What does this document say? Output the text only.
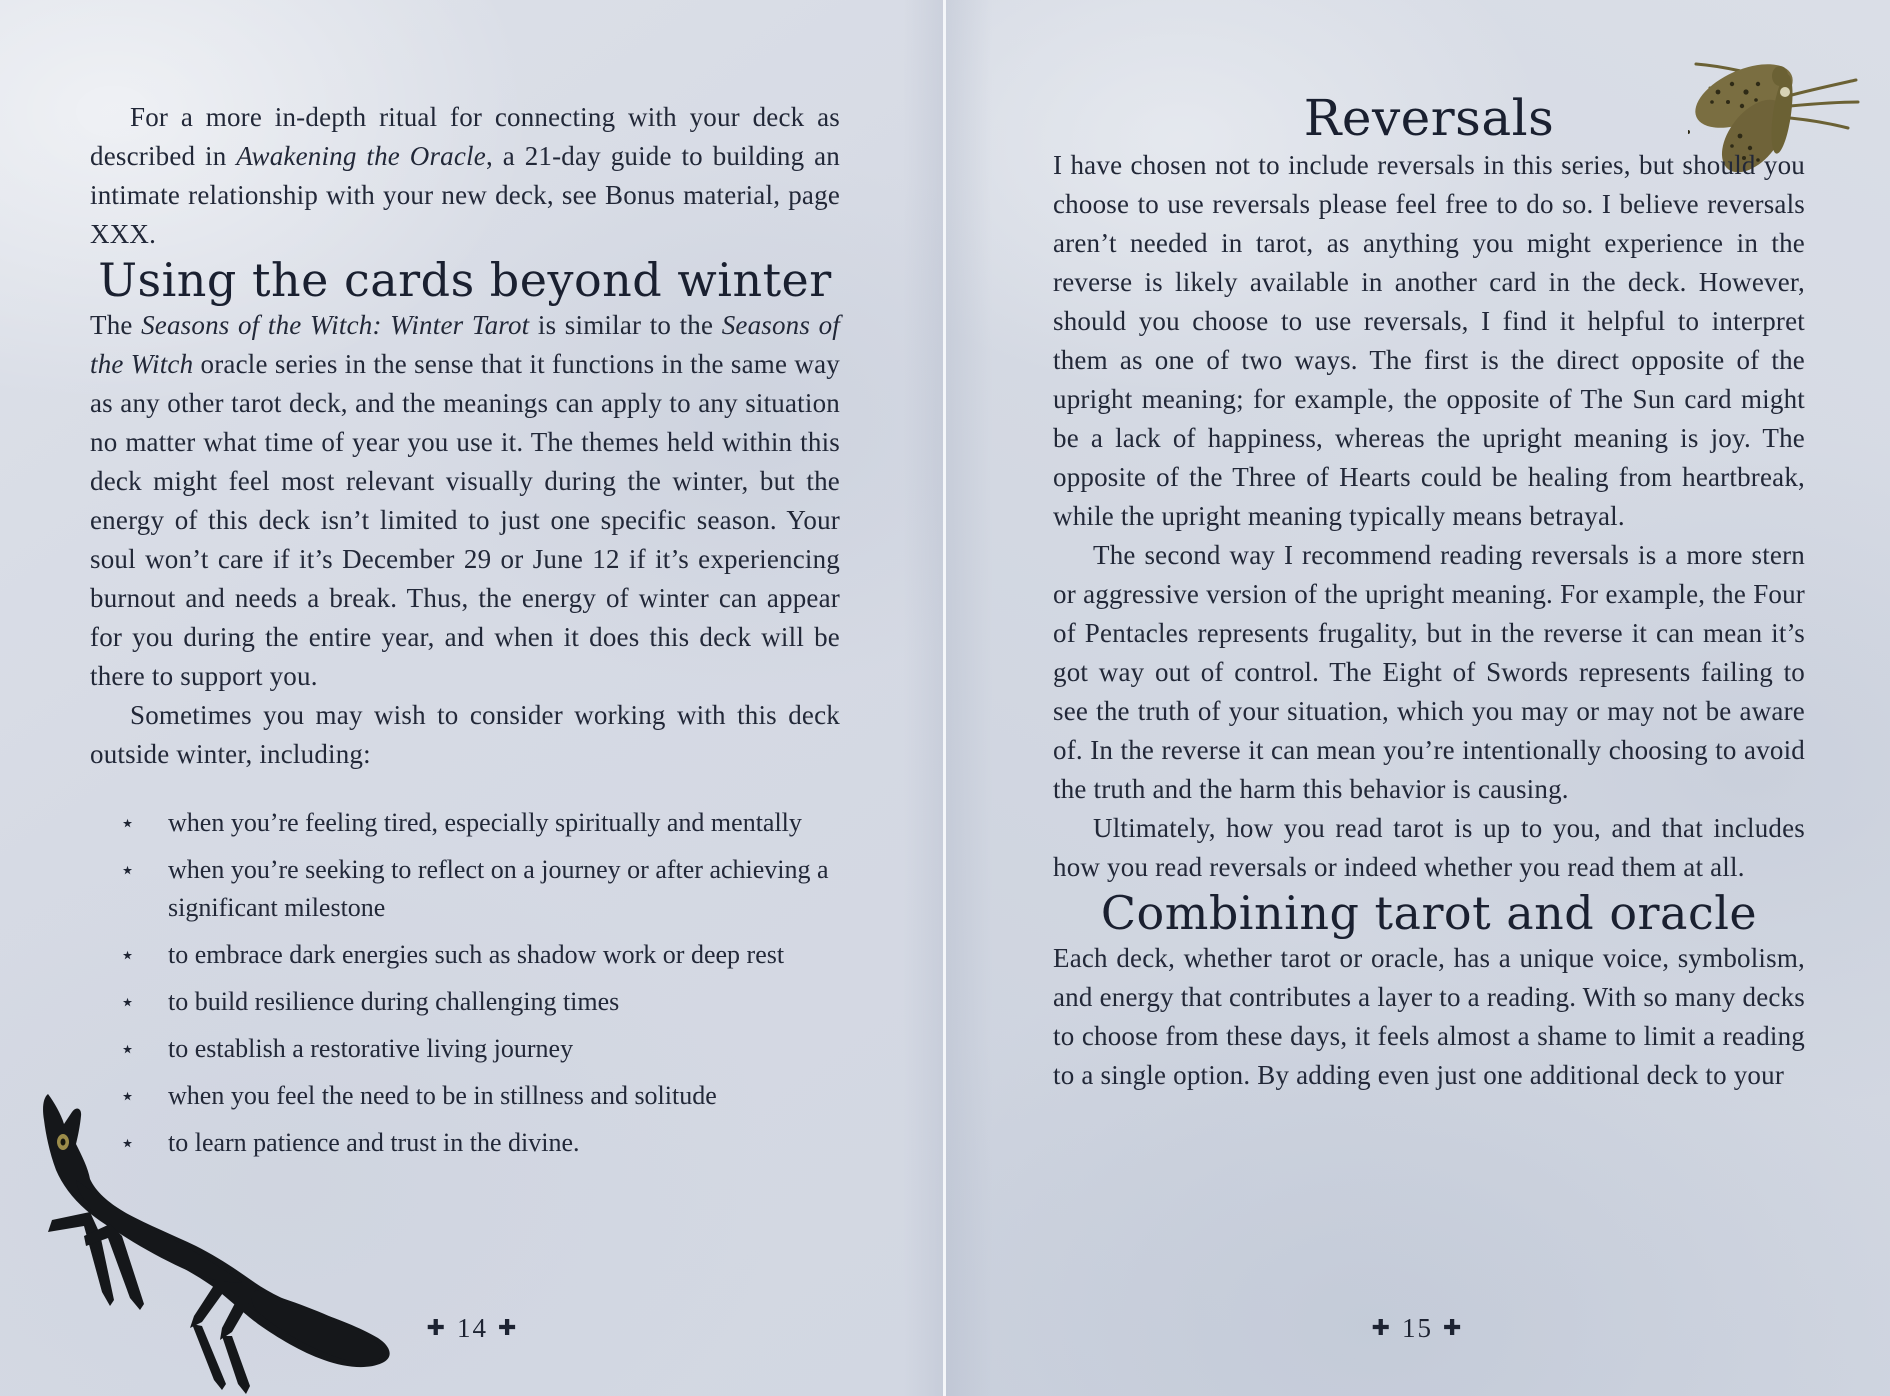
For a more in-depth ritual for connecting with your deck as described in Awakening the Oracle, a 21-day guide to building an intimate relationship with your new deck, see Bonus material, page XXX.

Using the cards beyond winter

The Seasons of the Witch: Winter Tarot is similar to the Seasons of the Witch oracle series in the sense that it functions in the same way as any other tarot deck, and the meanings can apply to any situation no matter what time of year you use it. The themes held within this deck might feel most relevant visually during the winter, but the energy of this deck isn’t limited to just one specific season. Your soul won’t care if it’s December 29 or June 12 if it’s experiencing burnout and needs a break. Thus, the energy of winter can appear for you during the entire year, and when it does this deck will be there to support you.

Sometimes you may wish to consider working with this deck outside winter, including:

⋆ when you’re feeling tired, especially spiritually and mentally
⋆ when you’re seeking to reflect on a journey or after achieving a significant milestone
⋆ to embrace dark energies such as shadow work or deep rest
⋆ to build resilience during challenging times
⋆ to establish a restorative living journey
⋆ when you feel the need to be in stillness and solitude
⋆ to learn patience and trust in the divine.
✚ 14 ✚
Reversals

I have chosen not to include reversals in this series, but should you choose to use reversals please feel free to do so. I believe reversals aren’t needed in tarot, as anything you might experience in the reverse is likely available in another card in the deck. However, should you choose to use reversals, I find it helpful to interpret them as one of two ways. The first is the direct opposite of the upright meaning; for example, the opposite of The Sun card might be a lack of happiness, whereas the upright meaning is joy. The opposite of the Three of Hearts could be healing from heartbreak, while the upright meaning typically means betrayal.

The second way I recommend reading reversals is a more stern or aggressive version of the upright meaning. For example, the Four of Pentacles represents frugality, but in the reverse it can mean it’s got way out of control. The Eight of Swords represents failing to see the truth of your situation, which you may or may not be aware of. In the reverse it can mean you’re intentionally choosing to avoid the truth and the harm this behavior is causing.

Ultimately, how you read tarot is up to you, and that includes how you read reversals or indeed whether you read them at all.

Combining tarot and oracle

Each deck, whether tarot or oracle, has a unique voice, symbolism, and energy that contributes a layer to a reading. With so many decks to choose from these days, it feels almost a shame to limit a reading to a single option. By adding even just one additional deck to your

✚ 15 ✚
